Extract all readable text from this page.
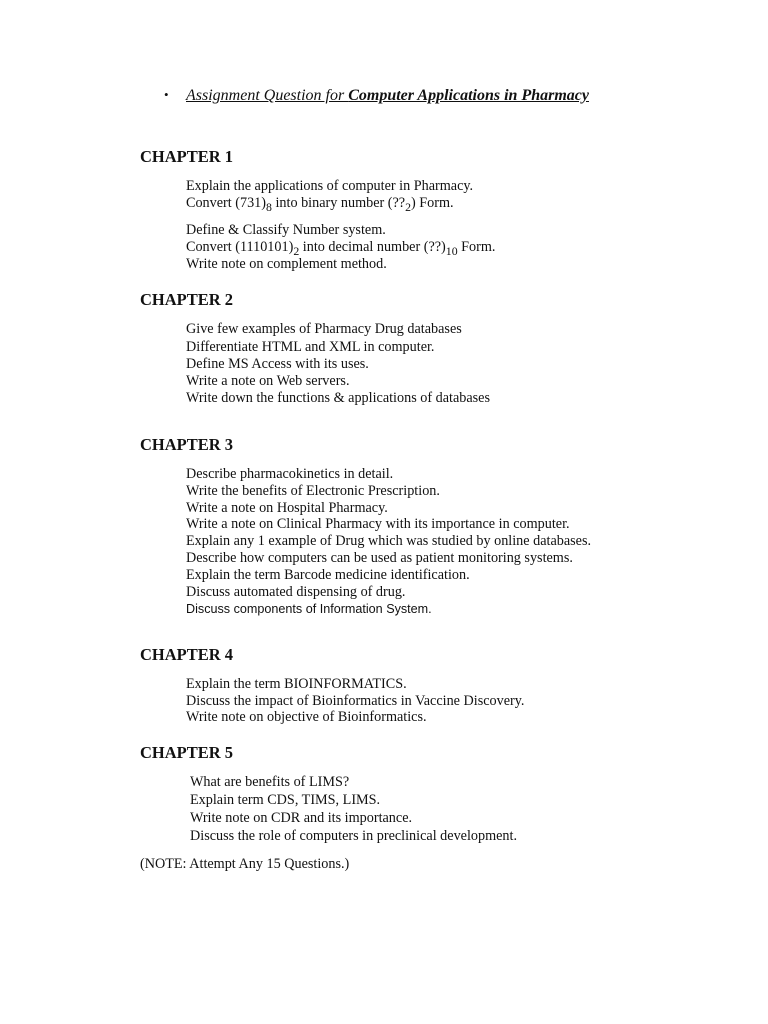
• Assignment Question for Computer Applications in Pharmacy
CHAPTER 1
Explain the applications of computer in Pharmacy.
Convert $(731)_8$ into binary number $(??_2)$ Form.
Define & Classify Number system.
Convert $(1110101)_2$ into decimal number $(??)_{10}$ Form.
Write note on complement method.
CHAPTER 2
Give few examples of Pharmacy Drug databases
Differentiate HTML and XML in computer.
Define MS Access with its uses.
Write a note on Web servers.
Write down the functions & applications of databases
CHAPTER 3
Describe pharmacokinetics in detail.
Write the benefits of Electronic Prescription.
Write a note on Hospital Pharmacy.
Write a note on Clinical Pharmacy with its importance in computer.
Explain any 1 example of Drug which was studied by online databases.
Describe how computers can be used as patient monitoring systems.
Explain the term Barcode medicine identification.
Discuss automated dispensing of drug.
Discuss components of Information System.
CHAPTER 4
Explain the term BIOINFORMATICS.
Discuss the impact of Bioinformatics in Vaccine Discovery.
Write note on objective of Bioinformatics.
CHAPTER 5
What are benefits of LIMS?
Explain term CDS, TIMS, LIMS.
Write note on CDR and its importance.
Discuss the role of computers in preclinical development.
(NOTE: Attempt Any 15 Questions.)
